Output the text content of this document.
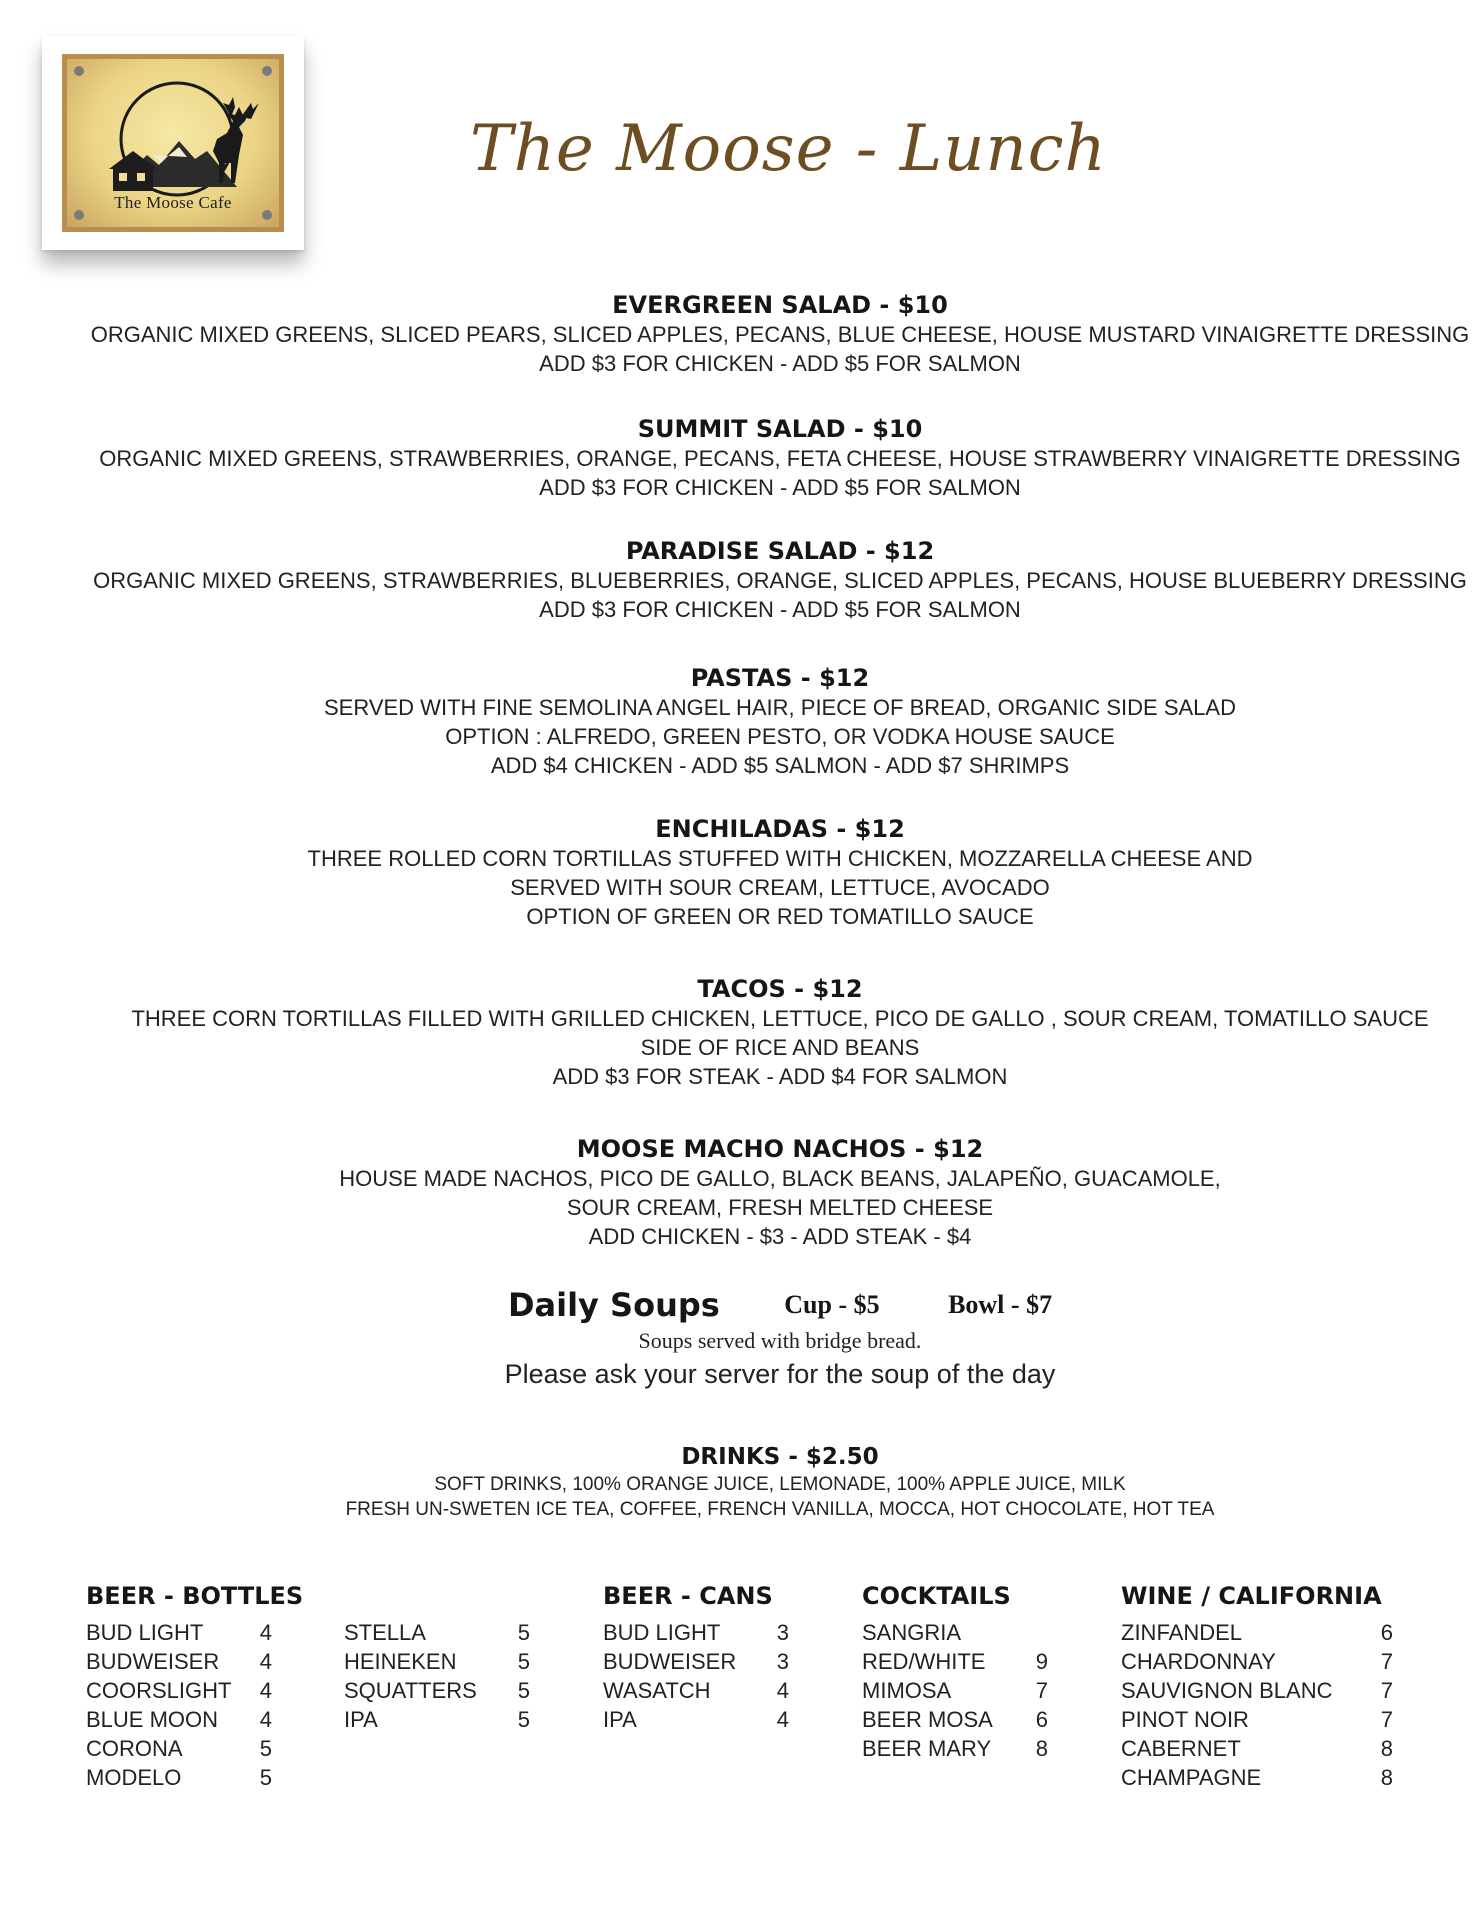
The Moose Cafe
The Moose - Lunch
EVERGREEN SALAD - $10
ORGANIC MIXED GREENS, SLICED PEARS, SLICED APPLES, PECANS, BLUE CHEESE, HOUSE MUSTARD VINAIGRETTE DRESSING
ADD $3 FOR CHICKEN - ADD $5 FOR SALMON
SUMMIT SALAD - $10
ORGANIC MIXED GREENS, STRAWBERRIES, ORANGE, PECANS, FETA CHEESE, HOUSE STRAWBERRY VINAIGRETTE DRESSING
ADD $3 FOR CHICKEN - ADD $5 FOR SALMON
PARADISE SALAD - $12
ORGANIC MIXED GREENS, STRAWBERRIES, BLUEBERRIES, ORANGE, SLICED APPLES, PECANS, HOUSE BLUEBERRY DRESSING
ADD $3 FOR CHICKEN - ADD $5 FOR SALMON
PASTAS - $12
SERVED WITH FINE SEMOLINA ANGEL HAIR, PIECE OF BREAD, ORGANIC SIDE SALAD
OPTION : ALFREDO, GREEN PESTO, OR VODKA HOUSE SAUCE
ADD $4 CHICKEN - ADD $5 SALMON - ADD $7 SHRIMPS
ENCHILADAS - $12
THREE ROLLED CORN TORTILLAS STUFFED WITH CHICKEN, MOZZARELLA CHEESE AND
SERVED WITH SOUR CREAM, LETTUCE, AVOCADO
OPTION OF GREEN OR RED TOMATILLO SAUCE
TACOS - $12
THREE CORN TORTILLAS FILLED WITH GRILLED CHICKEN, LETTUCE, PICO DE GALLO , SOUR CREAM, TOMATILLO SAUCE
SIDE OF RICE AND BEANS
ADD $3 FOR STEAK - ADD $4 FOR SALMON
MOOSE MACHO NACHOS - $12
HOUSE MADE NACHOS, PICO DE GALLO, BLACK BEANS, JALAPEÑO, GUACAMOLE,
SOUR CREAM, FRESH MELTED CHEESE
ADD CHICKEN - $3 - ADD STEAK - $4
Daily Soups Cup - $5	Bowl - $7
Soups served with bridge bread.
Please ask your server for the soup of the day
DRINKS - $2.50
SOFT DRINKS, 100% ORANGE JUICE, LEMONADE, 100% APPLE JUICE, MILK
FRESH UN-SWETEN ICE TEA, COFFEE, FRENCH VANILLA, MOCCA, HOT CHOCOLATE, HOT TEA
BEER - BOTTLES
BUD LIGHT	4
BUDWEISER 4
COORSLIGHT 4
BLUE MOON 4
CORONA	5
MODELO	5
STELLA	5
HEINEKEN	5
SQUATTERS 5
IPA	5
BEER - CANS
BUD LIGHT	3
BUDWEISER 3
WASATCH	4
IPA	4
COCKTAILS
SANGRIA
RED/WHITE 9
MIMOSA	7
BEER MOSA 6
BEER MARY 8
WINE / CALIFORNIA
ZINFANDEL	6
CHARDONNAY	7
SAUVIGNON BLANC 7
PINOT NOIR	7
CABERNET	8
CHAMPAGNE	8
